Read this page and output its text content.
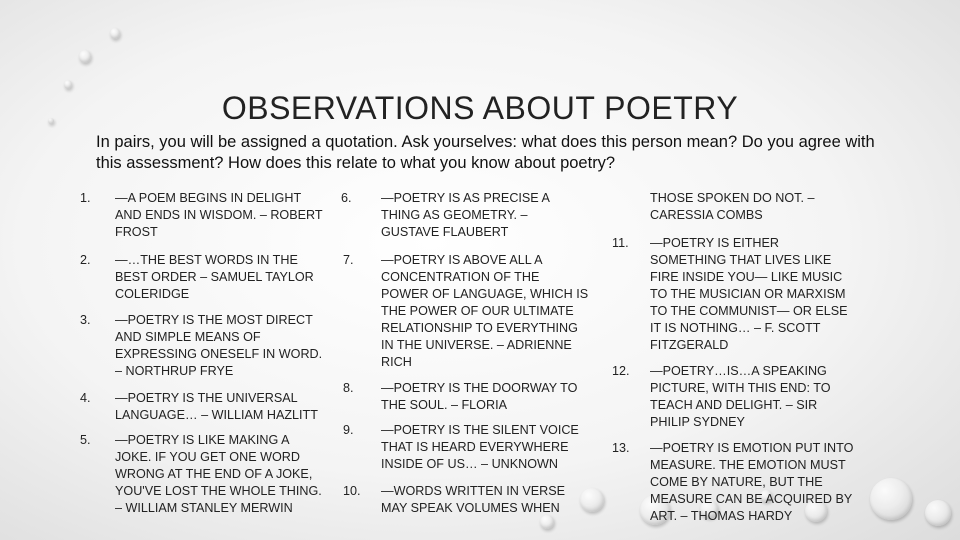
OBSERVATIONS ABOUT POETRY
In pairs, you will be assigned a quotation. Ask yourselves: what does this person mean? Do you agree with this assessment? How does this relate to what you know about poetry?
1.
2.
3.
4.
5.
6.
7.
8.
9.
10.
11.
12.
13.
—A POEM BEGINS IN DELIGHT
AND ENDS IN WISDOM. – ROBERT
FROST
—…THE BEST WORDS IN THE
BEST ORDER – SAMUEL TAYLOR
COLERIDGE
—POETRY IS THE MOST DIRECT
AND SIMPLE MEANS OF
EXPRESSING ONESELF IN WORD.
– NORTHRUP FRYE
—POETRY IS THE UNIVERSAL
LANGUAGE… – WILLIAM HAZLITT
—POETRY IS LIKE MAKING A
JOKE. IF YOU GET ONE WORD
WRONG AT THE END OF A JOKE,
YOU'VE LOST THE WHOLE THING.
– WILLIAM STANLEY MERWIN
—POETRY IS AS PRECISE A
THING AS GEOMETRY. –
GUSTAVE FLAUBERT
—POETRY IS ABOVE ALL A
CONCENTRATION OF THE
POWER OF LANGUAGE, WHICH IS
THE POWER OF OUR ULTIMATE
RELATIONSHIP TO EVERYTHING
IN THE UNIVERSE. – ADRIENNE
RICH
—POETRY IS THE DOORWAY TO
THE SOUL. – FLORIA
—POETRY IS THE SILENT VOICE
THAT IS HEARD EVERYWHERE
INSIDE OF US… – UNKNOWN
—WORDS WRITTEN IN VERSE
MAY SPEAK VOLUMES WHEN
THOSE SPOKEN DO NOT. –
CARESSIA COMBS
—POETRY IS EITHER
SOMETHING THAT LIVES LIKE
FIRE INSIDE YOU— LIKE MUSIC
TO THE MUSICIAN OR MARXISM
TO THE COMMUNIST— OR ELSE
IT IS NOTHING… – F. SCOTT
FITZGERALD
—POETRY…IS…A SPEAKING
PICTURE, WITH THIS END: TO
TEACH AND DELIGHT. – SIR
PHILIP SYDNEY
—POETRY IS EMOTION PUT INTO
MEASURE. THE EMOTION MUST
COME BY NATURE, BUT THE
MEASURE CAN BE ACQUIRED BY
ART. – THOMAS HARDY
